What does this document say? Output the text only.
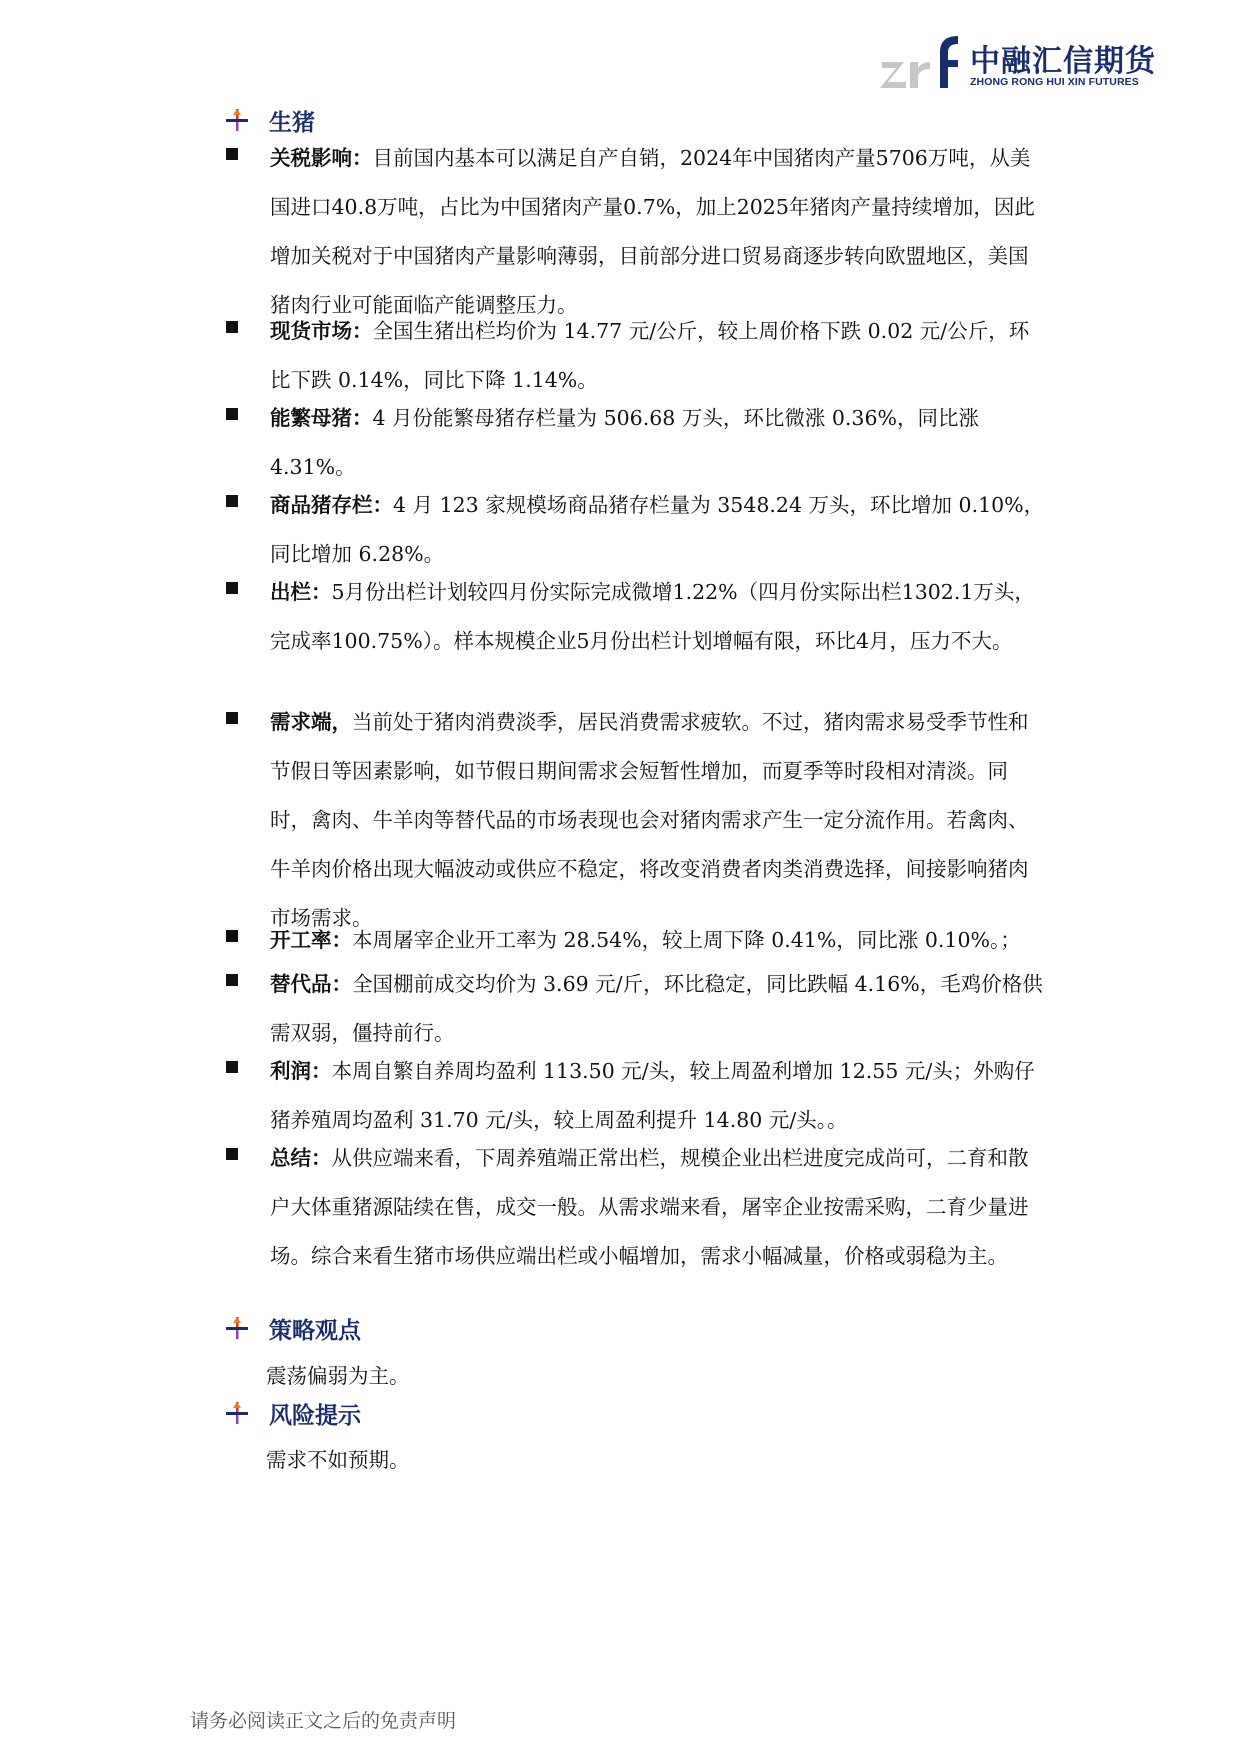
中融汇信期货
ZHONG RONG HUI XIN FUTURES
生猪
关税影响：目前国内基本可以满足自产自销，2024年中国猪肉产量5706万吨，从美国进口40.8万吨，占比为中国猪肉产量0.7%，加上2025年猪肉产量持续增加，因此增加关税对于中国猪肉产量影响薄弱，目前部分进口贸易商逐步转向欧盟地区，美国猪肉行业可能面临产能调整压力。
现货市场：全国生猪出栏均价为 14.77 元/公斤，较上周价格下跌 0.02 元/公斤，环比下跌 0.14%，同比下降 1.14%。
能繁母猪：4 月份能繁母猪存栏量为 506.68 万头，环比微涨 0.36%，同比涨 4.31%。
商品猪存栏：4 月 123 家规模场商品猪存栏量为 3548.24 万头，环比增加 0.10%，同比增加 6.28%。
出栏：5月份出栏计划较四月份实际完成微增1.22%（四月份实际出栏1302.1万头，完成率100.75%）。样本规模企业5月份出栏计划增幅有限，环比4月，压力不大。
需求端，当前处于猪肉消费淡季，居民消费需求疲软。不过，猪肉需求易受季节性和节假日等因素影响，如节假日期间需求会短暂性增加，而夏季等时段相对清淡。同时，禽肉、牛羊肉等替代品的市场表现也会对猪肉需求产生一定分流作用。若禽肉、牛羊肉价格出现大幅波动或供应不稳定，将改变消费者肉类消费选择，间接影响猪肉市场需求。
开工率：本周屠宰企业开工率为 28.54%，较上周下降 0.41%，同比涨 0.10%。；
替代品：全国棚前成交均价为 3.69 元/斤，环比稳定，同比跌幅 4.16%，毛鸡价格供需双弱，僵持前行。
利润：本周自繁自养周均盈利 113.50 元/头，较上周盈利增加 12.55 元/头；外购仔猪养殖周均盈利 31.70 元/头，较上周盈利提升 14.80 元/头。。
总结：从供应端来看，下周养殖端正常出栏，规模企业出栏进度完成尚可，二育和散户大体重猪源陆续在售，成交一般。从需求端来看，屠宰企业按需采购，二育少量进场。综合来看生猪市场供应端出栏或小幅增加，需求小幅减量，价格或弱稳为主。
策略观点
震荡偏弱为主。
风险提示
需求不如预期。
请务必阅读正文之后的免责声明
